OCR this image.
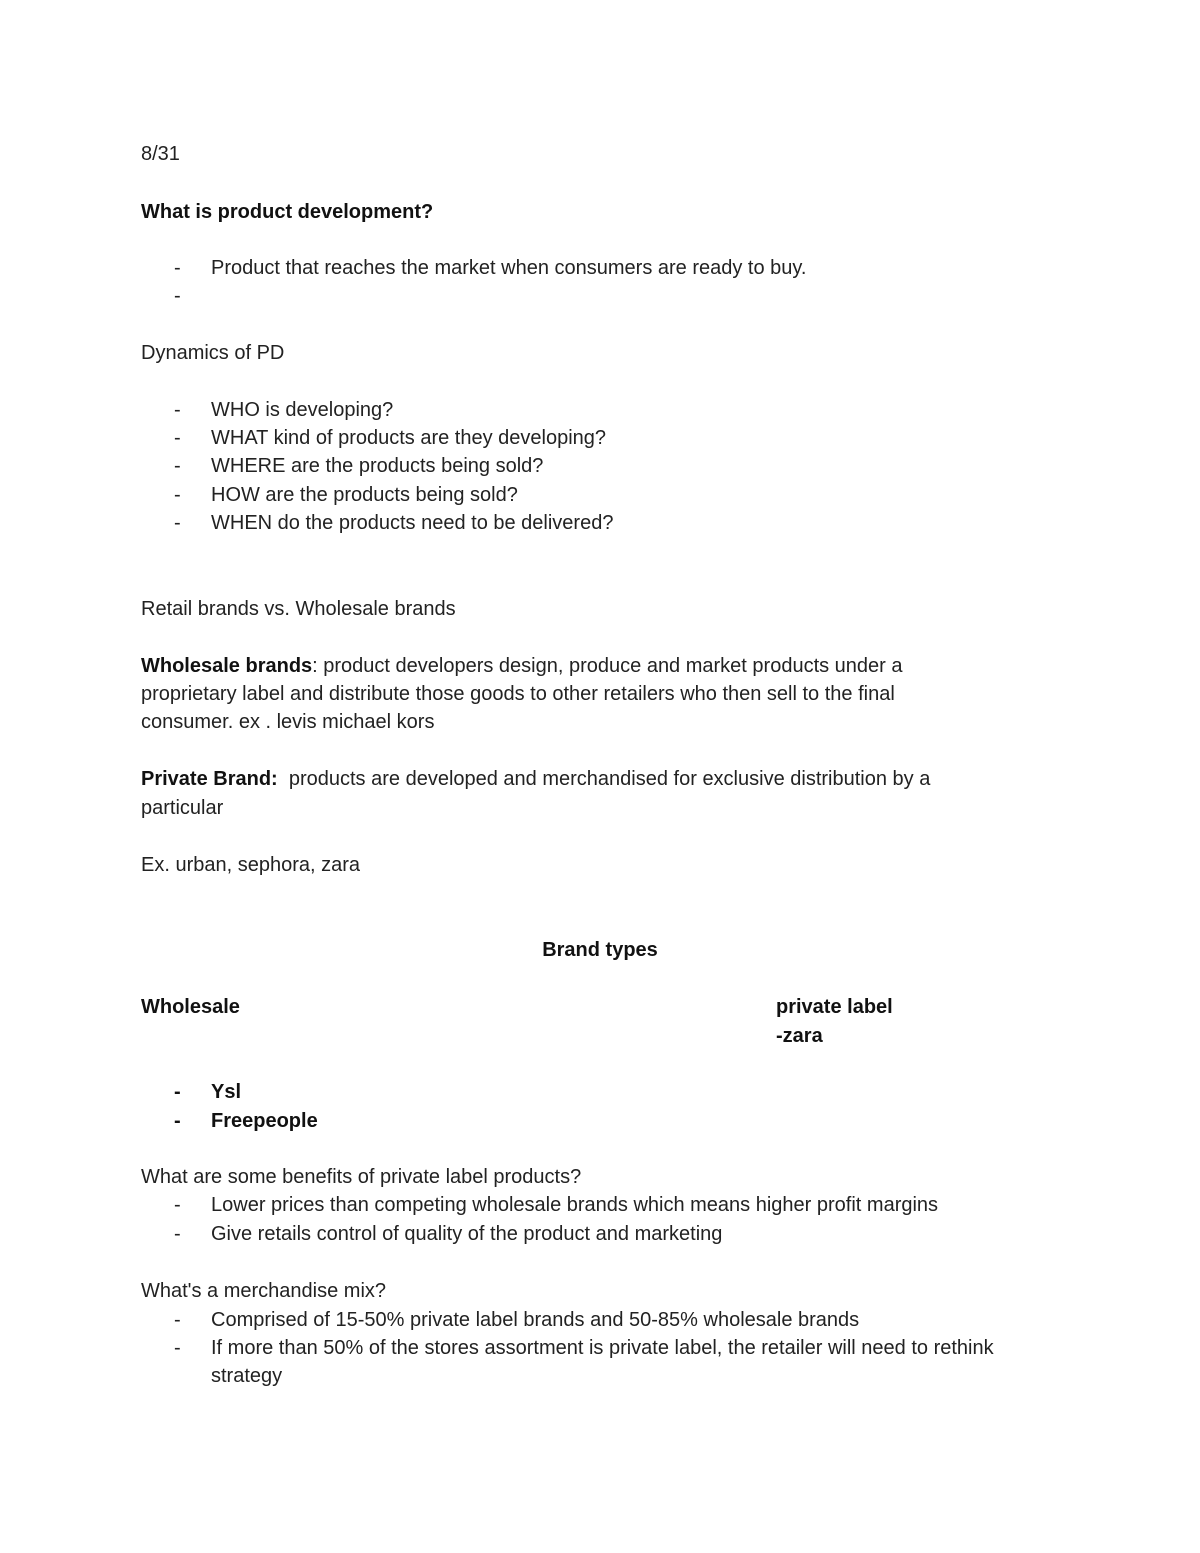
8/31
What is product development?
- Product that reaches the market when consumers are ready to buy.
-
Dynamics of PD
- WHO is developing?
- WHAT kind of products are they developing?
- WHERE are the products being sold?
- HOW are the products being sold?
- WHEN do the products need to be delivered?
Retail brands vs. Wholesale brands
Wholesale brands: product developers design, produce and market products under a
proprietary label and distribute those goods to other retailers who then sell to the final
consumer. ex . levis michael kors
Private Brand: products are developed and merchandised for exclusive distribution by a
particular
Ex. urban, sephora, zara
Brand types
Wholesale	private label
-zara
- Ysl
- Freepeople
What are some benefits of private label products?
- Lower prices than competing wholesale brands which means higher profit margins
- Give retails control of quality of the product and marketing
What's a merchandise mix?
- Comprised of 15-50% private label brands and 50-85% wholesale brands
- If more than 50% of the stores assortment is private label, the retailer will need to rethink
strategy
